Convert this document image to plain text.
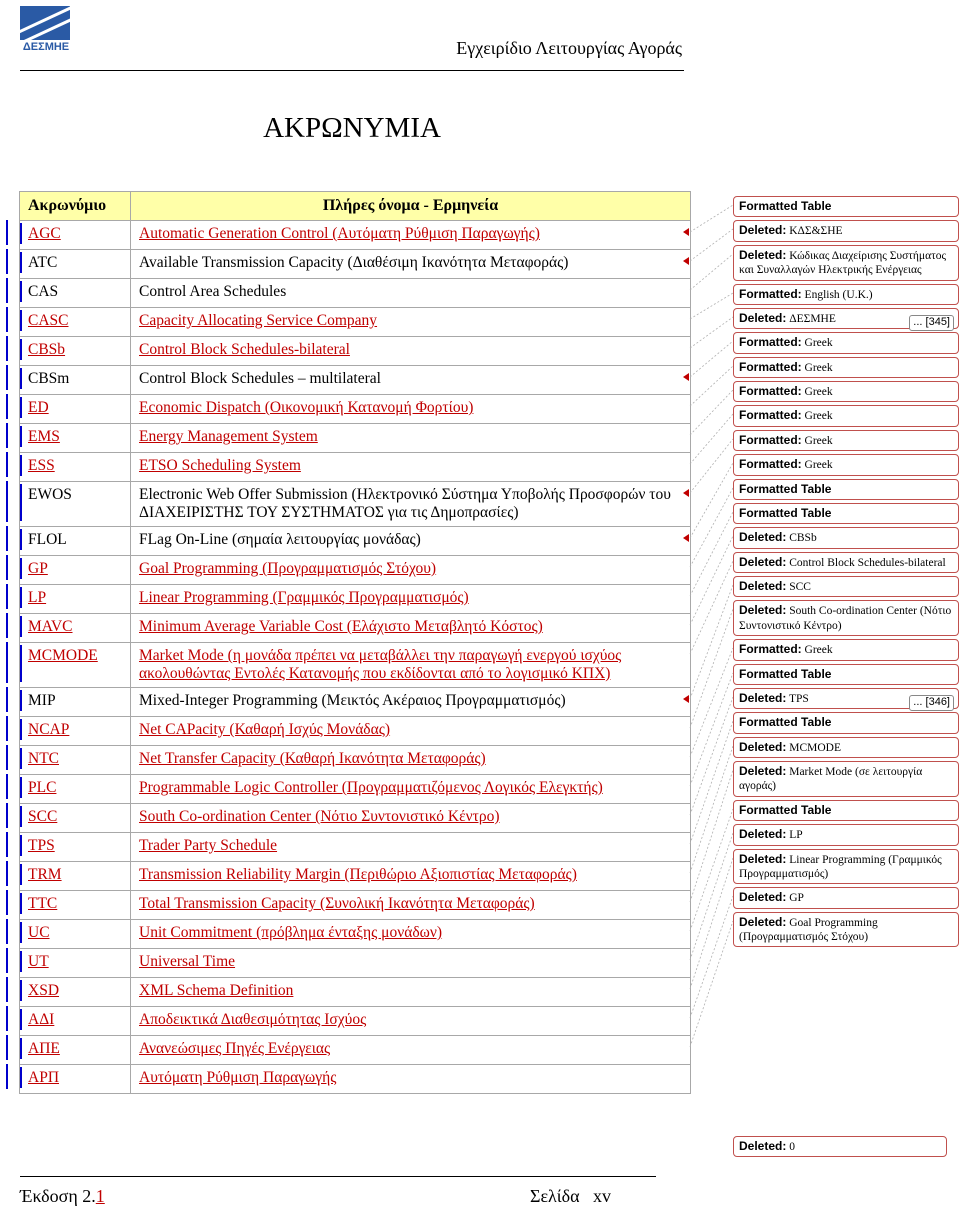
ΔΕΣΜΗΕ	Εγχειρίδιο Λειτουργίας Αγοράς
ΑΚΡΩΝΥΜΙΑ
Ακρωνύμιο	Πλήρες όνομα - Ερμηνεία
AGC	Automatic Generation Control (Αυτόματη Ρύθμιση Παραγωγής)
ATC	Available Transmission Capacity (Διαθέσιμη Ικανότητα Μεταφοράς)
CAS	Control Area Schedules
CASC	Capacity Allocating Service Company
CBSb	Control Block Schedules-bilateral
CBSm	Control Block Schedules – multilateral
ED	Economic Dispatch (Οικονομική Κατανομή Φορτίου)
EMS	Energy Management System
ESS	ETSO Scheduling System
EWOS	Electronic Web Offer Submission (Ηλεκτρονικό Σύστημα Υποβολής Προσφορών του ΔΙΑΧΕΙΡΙΣΤΗΣ ΤΟΥ ΣΥΣΤΗΜΑΤΟΣ για τις Δημοπρασίες)
FLOL	FLag On-Line (σημαία λειτουργίας μονάδας)
GP	Goal Programming (Προγραμματισμός Στόχου)
LP	Linear Programming (Γραμμικός Προγραμματισμός)
MAVC	Minimum Average Variable Cost (Ελάχιστο Μεταβλητό Κόστος)
MCMODE	Market Mode (η μονάδα πρέπει να μεταβάλλει την παραγωγή ενεργού ισχύος ακολουθώντας Εντολές Κατανομής που εκδίδονται από το λογισμικό ΚΠΧ)
MIP	Mixed-Integer Programming (Μεικτός Ακέραιος Προγραμματισμός)
NCAP	Net CAPacity (Καθαρή Ισχύς Μονάδας)
NTC	Net Transfer Capacity (Καθαρή Ικανότητα Μεταφοράς)
PLC	Programmable Logic Controller (Προγραμματιζόμενος Λογικός Ελεγκτής)
SCC	South Co-ordination Center (Νότιο Συντονιστικό Κέντρο)
TPS	Trader Party Schedule
TRM	Transmission Reliability Margin (Περιθώριο Αξιοπιστίας Μεταφοράς)
TTC	Total Transmission Capacity (Συνολική Ικανότητα Μεταφοράς)
UC	Unit Commitment (πρόβλημα ένταξης μονάδων)
UT	Universal Time
XSD	XML Schema Definition
ΑΔΙ	Αποδεικτικά Διαθεσιμότητας Ισχύος
ΑΠΕ	Ανανεώσιμες Πηγές Ενέργειας
ΑΡΠ	Αυτόματη Ρύθμιση Παραγωγής
Formatted Table
Deleted: ΚΔΣ&ΣΗΕ
Deleted: Κώδικας Διαχείρισης Συστήματος και Συναλλαγών Ηλεκτρικής Ενέργειας
Formatted: English (U.K.)
Deleted: ΔΕΣΜΗΕ	... [345]
Formatted: Greek
Formatted: Greek
Formatted: Greek
Formatted: Greek
Formatted: Greek
Formatted: Greek
Formatted Table
Formatted Table
Deleted: CBSb
Deleted: Control Block Schedules-bilateral
Deleted: SCC
Deleted: South Co-ordination Center (Νότιο Συντονιστικό Κέντρο)
Formatted: Greek
Formatted Table
Deleted: TPS	... [346]
Formatted Table
Deleted: MCMODE
Deleted: Market Mode (σε λειτουργία αγοράς)
Formatted Table
Deleted: LP
Deleted: Linear Programming (Γραμμικός Προγραμματισμός)
Deleted: GP
Deleted: Goal Programming (Προγραμματισμός Στόχου)
Deleted: 0
Έκδοση 2.1	Σελίδα xv
